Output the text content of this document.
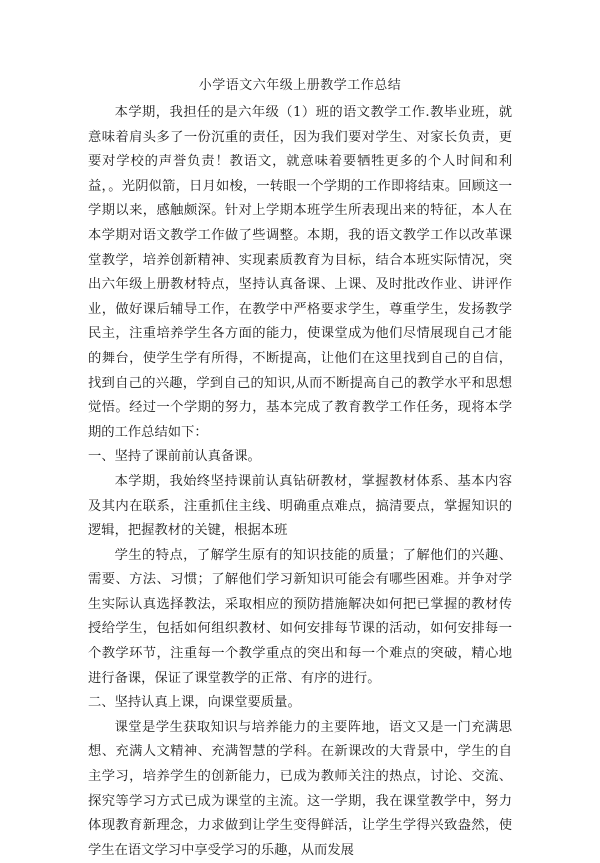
小学语文六年级上册教学工作总结

本学期，我担任的是六年级（1）班的语文教学工作.教毕业班，就意味着肩头多了一份沉重的责任，因为我们要对学生、对家长负责，更要对学校的声誉负责！教语文，就意味着要牺牲更多的个人时间和利益，。光阴似箭，日月如梭，一转眼一个学期的工作即将结束。回顾这一学期以来，感触颇深。针对上学期本班学生所表现出来的特征，本人在本学期对语文教学工作做了些调整。本期，我的语文教学工作以改革课堂教学，培养创新精神、实现素质教育为目标，结合本班实际情况，突出六年级上册教材特点，坚持认真备课、上课、及时批改作业、讲评作业，做好课后辅导工作，在教学中严格要求学生，尊重学生，发扬教学民主，注重培养学生各方面的能力，使课堂成为他们尽情展现自己才能的舞台，使学生学有所得，不断提高，让他们在这里找到自己的自信，找到自己的兴趣，学到自己的知识,从而不断提高自己的教学水平和思想觉悟。经过一个学期的努力，基本完成了教育教学工作任务，现将本学期的工作总结如下：

一、坚持了课前前认真备课。

本学期，我始终坚持课前认真钻研教材，掌握教材体系、基本内容及其内在联系，注重抓住主线、明确重点难点，搞清要点，掌握知识的逻辑，把握教材的关键，根据本班

学生的特点，了解学生原有的知识技能的质量；了解他们的兴趣、需要、方法、习惯；了解他们学习新知识可能会有哪些困难。并争对学生实际认真选择教法，采取相应的预防措施解决如何把已掌握的教材传授给学生，包括如何组织教材、如何安排每节课的活动，如何安排每一个教学环节，注重每一个教学重点的突出和每一个难点的突破，精心地进行备课，保证了课堂教学的正常、有序的进行。

二、坚持认真上课，向课堂要质量。

课堂是学生获取知识与培养能力的主要阵地，语文又是一门充满思想、充满人文精神、充满智慧的学科。在新课改的大背景中，学生的自主学习，培养学生的创新能力，已成为教师关注的热点，讨论、交流、探究等学习方式已成为课堂的主流。这一学期，我在课堂教学中，努力体现教育新理念，力求做到让学生变得鲜活，让学生学得兴致盎然，使学生在语文学习中享受学习的乐趣，从而发展
